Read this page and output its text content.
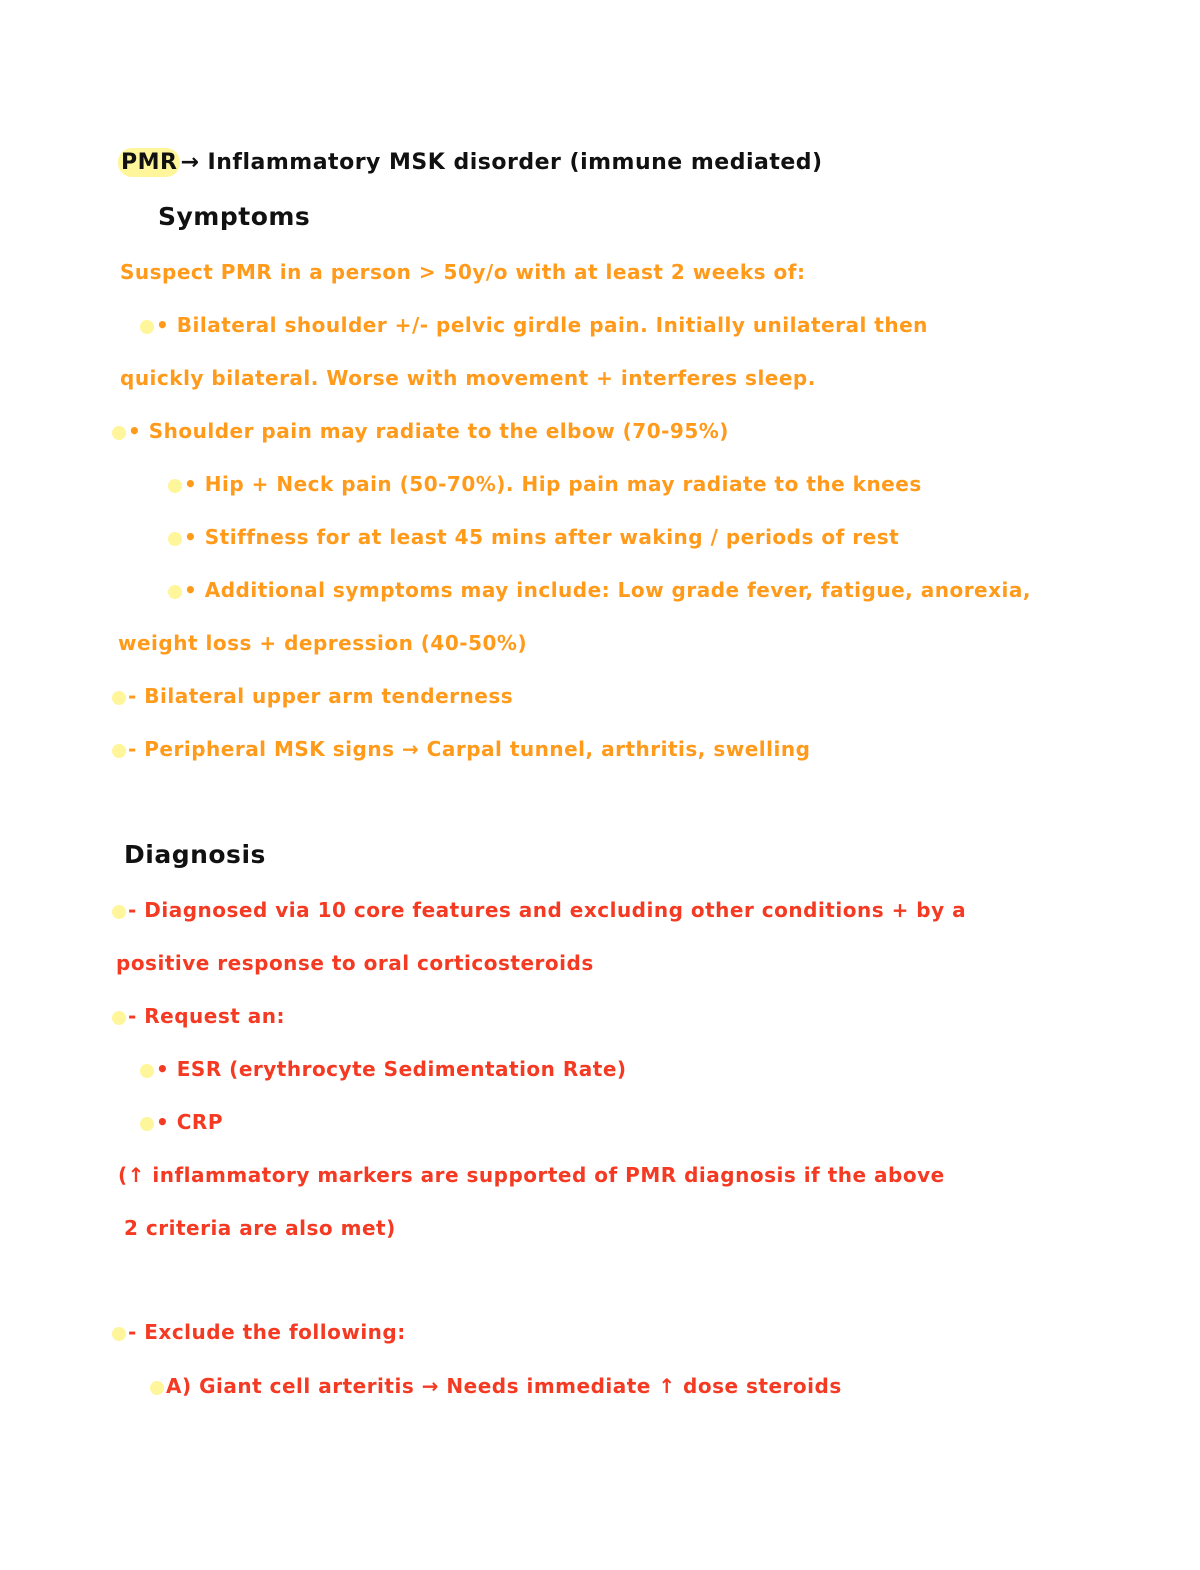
PMR → Inflammatory MSK disorder (immune mediated)
Symptoms
Suspect PMR in a person > 50y/o with at least 2 weeks of:
• Bilateral shoulder +/- pelvic girdle pain. Initially unilateral then
quickly bilateral. Worse with movement + interferes sleep.
• Shoulder pain may radiate to the elbow (70-95%)
• Hip + Neck pain (50-70%). Hip pain may radiate to the knees
• Stiffness for at least 45 mins after waking / periods of rest
• Additional symptoms may include: Low grade fever, fatigue, anorexia,
weight loss + depression (40-50%)
- Bilateral upper arm tenderness
- Peripheral MSK signs → Carpal tunnel, arthritis, swelling
Diagnosis
- Diagnosed via 10 core features and excluding other conditions + by a
positive response to oral corticosteroids
- Request an:
• ESR (erythrocyte Sedimentation Rate)
• CRP
(↑ inflammatory markers are supported of PMR diagnosis if the above
2 criteria are also met)
- Exclude the following:
A) Giant cell arteritis → Needs immediate ↑ dose steroids
